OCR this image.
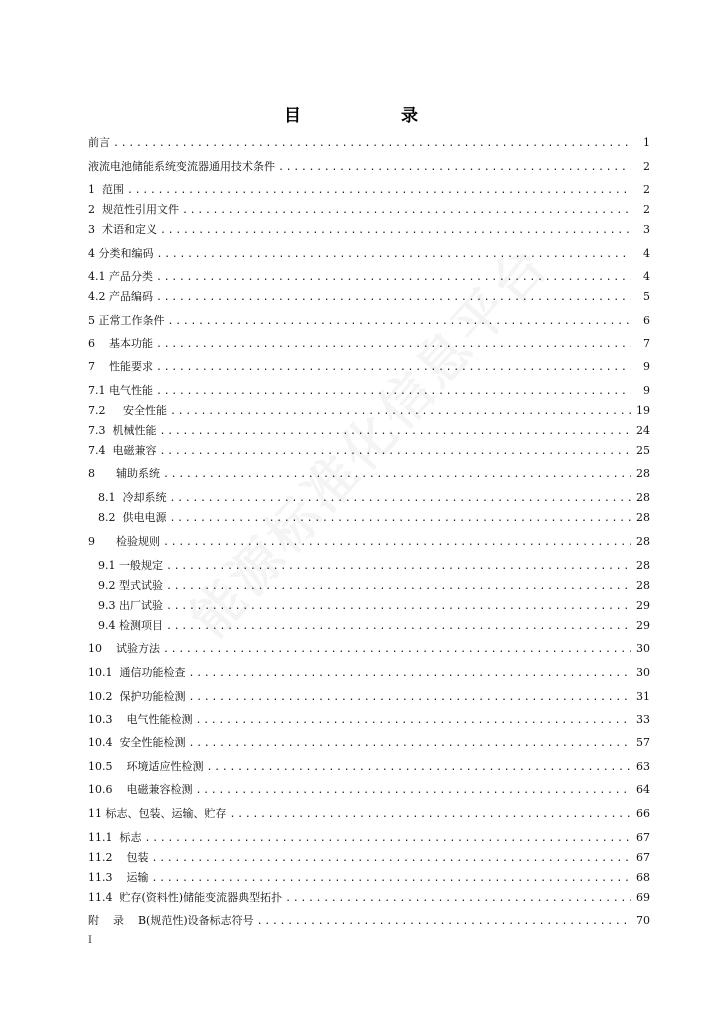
目　　录
前言 .....	1
液流电池储能系统变流器通用技术条件 .....	2
1  范围 .....	2
2  规范性引用文件 .....	2
3  术语和定义 .....	3
4 分类和编码 .....	4
4.1 产品分类 .....	4
4.2 产品编码 .....	5
5 正常工作条件 .....	6
6    基本功能 .....	7
7    性能要求 .....	9
7.1 电气性能 .....	9
7.2     安全性能 .....	19
7.3  机械性能 .....	24
7.4  电磁兼容 .....	25
8      辅助系统 .....	28
8.1  冷却系统 .....	28
8.2  供电电源 .....	28
9      检验规则 .....	28
9.1 一般规定 .....	28
9.2 型式试验 .....	28
9.3 出厂试验 .....	29
9.4 检测项目 .....	29
10    试验方法 .....	30
10.1  通信功能检查 .....	30
10.2  保护功能检测 .....	31
10.3    电气性能检测 .....	33
10.4  安全性能检测 .....	57
10.5    环境适应性检测 .....	63
10.6    电磁兼容检测 .....	64
11 标志、包装、运输、贮存 .....	66
11.1  标志 .....	67
11.2    包装 .....	67
11.3    运输 .....	68
11.4  贮存(资料性)储能变流器典型拓扑 .....	69
附    录    B(规范性)设备标志符号 .....	70
I
